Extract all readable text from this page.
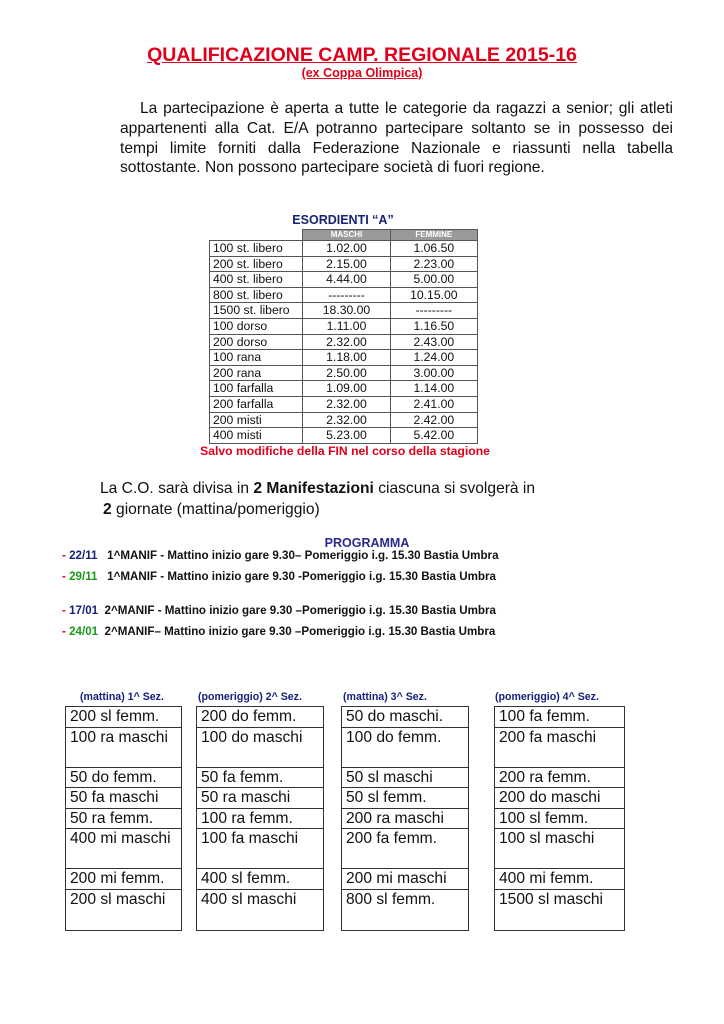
QUALIFICAZIONE CAMP. REGIONALE 2015-16
(ex Coppa Olimpica)
La partecipazione è aperta a tutte le categorie da ragazzi a senior; gli atleti appartenenti alla Cat. E/A potranno partecipare soltanto se in possesso dei tempi limite forniti dalla Federazione Nazionale e riassunti nella tabella sottostante. Non possono partecipare società di fuori regione.
ESORDIENTI “A”
	MASCHI	FEMMINE
100 st. libero	1.02.00	1.06.50
200 st. libero	2.15.00	2.23.00
400 st. libero	4.44.00	5.00.00
800 st. libero	---------	10.15.00
1500 st. libero	18.30.00	---------
100 dorso	1.11.00	1.16.50
200 dorso	2.32.00	2.43.00
100 rana	1.18.00	1.24.00
200 rana	2.50.00	3.00.00
100 farfalla	1.09.00	1.14.00
200 farfalla	2.32.00	2.41.00
200 misti	2.32.00	2.42.00
400 misti	5.23.00	5.42.00
Salvo modifiche della FIN nel corso della stagione
La C.O. sarà divisa in 2 Manifestazioni ciascuna si svolgerà in
2 giornate (mattina/pomeriggio)
PROGRAMMA
- 22/11   1^MANIF - Mattino inizio gare 9.30– Pomeriggio i.g. 15.30 Bastia Umbra
- 29/11   1^MANIF - Mattino inizio gare 9.30 -Pomeriggio i.g. 15.30 Bastia Umbra
- 17/01  2^MANIF - Mattino inizio gare 9.30 –Pomeriggio i.g. 15.30 Bastia Umbra
- 24/01  2^MANIF– Mattino inizio gare 9.30 –Pomeriggio i.g. 15.30 Bastia Umbra
(mattina) 1^ Sez.
200 sl femm.
100 ra maschi
50 do femm.
50 fa maschi
50 ra femm.
400 mi maschi
200 mi femm.
200 sl maschi
(pomeriggio) 2^ Sez.
200 do femm.
100 do maschi
50 fa femm.
50 ra maschi
100 ra femm.
100 fa maschi
400 sl femm.
400 sl maschi
(mattina) 3^ Sez.
50 do maschi.
100 do femm.
50 sl maschi
50 sl femm.
200 ra maschi
200 fa femm.
200 mi maschi
800 sl femm.
(pomeriggio) 4^ Sez.
100 fa femm.
200 fa maschi
200 ra femm.
200 do maschi
100 sl femm.
100 sl maschi
400 mi femm.
1500 sl maschi
